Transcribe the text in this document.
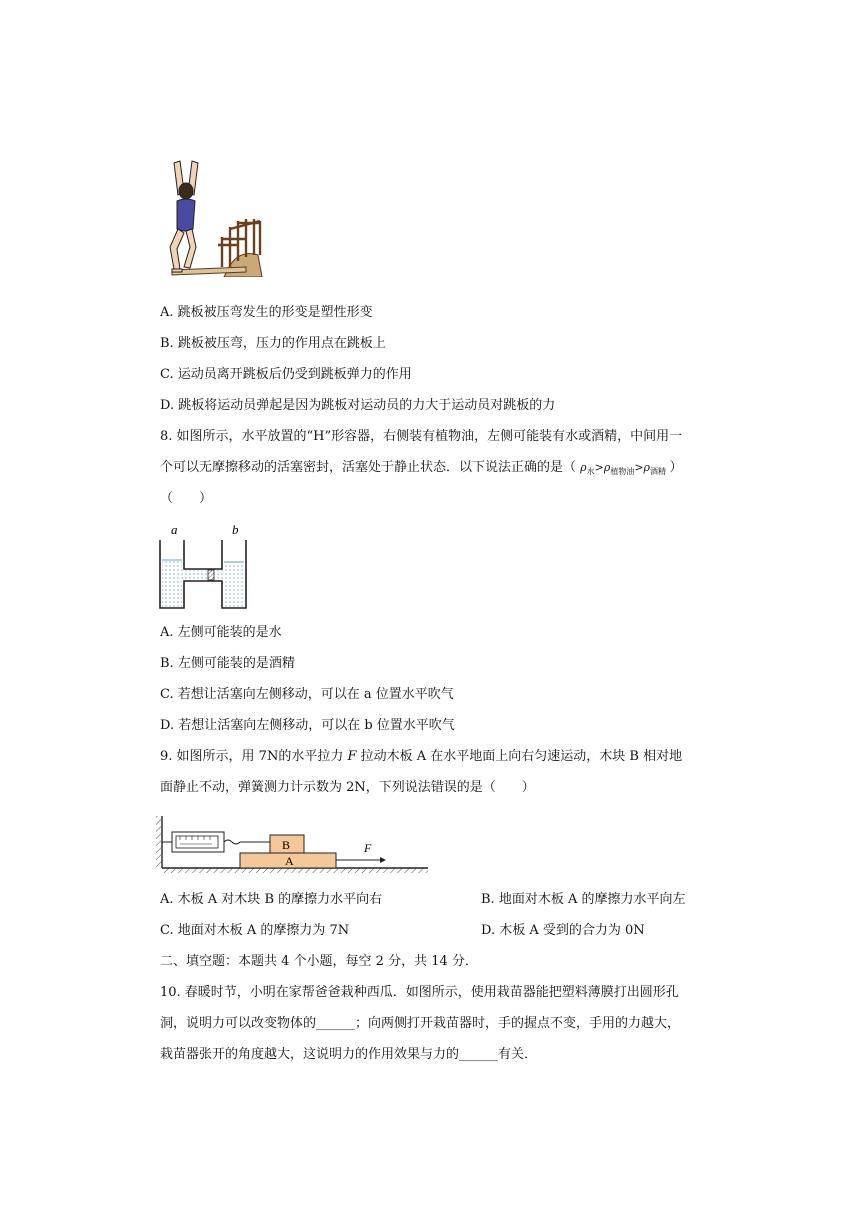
A. 跳板被压弯发生的形变是塑性形变
B. 跳板被压弯，压力的作用点在跳板上
C. 运动员离开跳板后仍受到跳板弹力的作用
D. 跳板将运动员弹起是因为跳板对运动员的力大于运动员对跳板的力
8. 如图所示，水平放置的“H”形容器，右侧装有植物油，左侧可能装有水或酒精，中间用一
个可以无摩擦移动的活塞密封，活塞处于静止状态．以下说法正确的是（ $\rho_水>\rho_{植物油}>\rho_{酒精}$ ）
（　　）
a	b
A. 左侧可能装的是水
B. 左侧可能装的是酒精
C. 若想让活塞向左侧移动，可以在 a 位置水平吹气
D. 若想让活塞向左侧移动，可以在 b 位置水平吹气
9. 如图所示，用 7N的水平拉力 F 拉动木板 A 在水平地面上向右匀速运动，木块 B 相对地
面静止不动，弹簧测力计示数为 2N，下列说法错误的是（　　）
B
A
F
A. 木板 A 对木块 B 的摩擦力水平向右	B. 地面对木板 A 的摩擦力水平向左
C. 地面对木板 A 的摩擦力为 7N	D. 木板 A 受到的合力为 0N
二、填空题：本题共 4 个小题，每空 2 分，共 14 分．
10. 春暖时节，小明在家帮爸爸栽种西瓜．如图所示，使用栽苗器能把塑料薄膜打出圆形孔
洞，说明力可以改变物体的______；向两侧打开栽苗器时，手的握点不变，手用的力越大，
栽苗器张开的角度越大，这说明力的作用效果与力的______有关．
